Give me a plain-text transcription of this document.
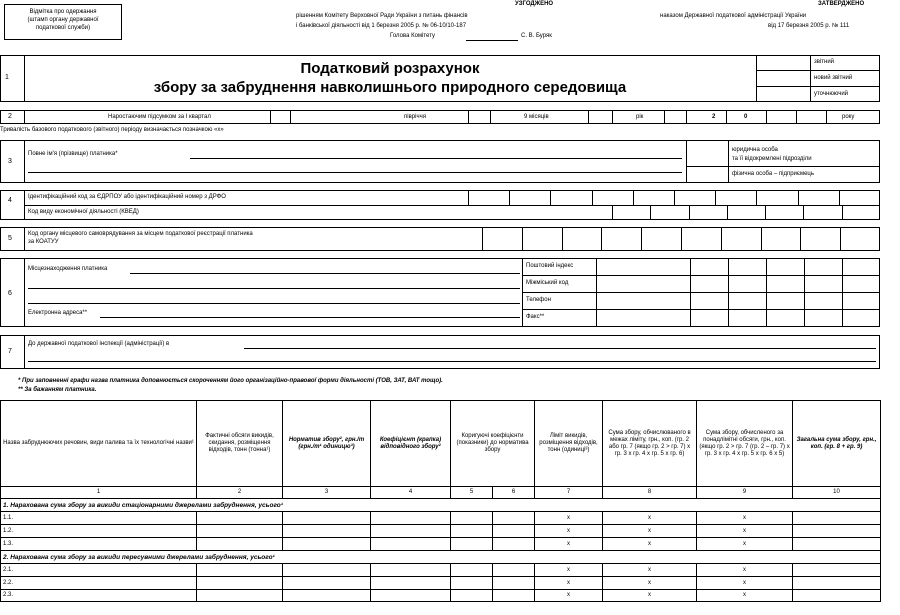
Відмітка про одержання
(штамп органу державної
податкової служби)
УЗГОДЖЕНО
рішенням Комітету Верховної Ради України з питань фінансів
і банківської діяльності від 1 березня 2005 р. № 06-10/10-187
Голова Комітету	С. В. Буряк
ЗАТВЕРДЖЕНО
наказом Державної податкової адміністрації України
від 17 березня 2005 р. № 111
1
Податковий розрахунок
збору за забруднення навколишнього природного середовища
звітний
новий звітний
уточнюючий
2	Наростаючим підсумком за I квартал	півріччя	9 місяців	рік	2	0	року
Тривалість базового податкового (звітного) періоду визначається позначкою «х»
3
Повне ім'я (прізвище) платника*
юридична особа
та її відокремлені підрозділи
фізична особа – підприємець
4	Ідентифікаційний код за ЄДРПОУ або ідентифікаційний номер з ДРФО
Код виду економічної діяльності (КВЕД)
5
Код органу місцевого самоврядування за місцем податкової реєстрації платника
за КОАТУУ
6
Місцезнаходження платника
Електронна адреса**
Поштовий індекс
Міжміський код
Телефон
Факс**
7
До державної податкової інспекції (адміністрації) в
* При заповненні графи назва платника доповнюється скороченням його організаційно-правової форми діяльності (ТОВ, ЗАТ, ВАТ тощо).
** За бажанням платника.
Назва забруднюючих речовин, види палива та їх технологічні назви¹	Фактичні обсяги викидів, скидання, розміщення відходів, тонн (тонна¹)	Норматив збору², грн./т (грн./т¹ одиницю³)	Коефіцієнт (крапка) відповідного збору²	Коригуючі коефіцієнти (показники) до норматива збору		Ліміт викидів, розміщення відходів, тонн (одиниці³)	Сума збору, обчислюваного в межах ліміту, грн., коп. (гр. 2 або гр. 7 (якщо гр. 2 > гр. 7) х гр. 3 х гр. 4 х гр. 5 х гр. 6)	Сума збору, обчисленого за понадлімітні обсяги, грн., коп. (якщо гр. 2 > гр. 7 (гр. 2 – гр. 7) х гр. 3 х гр. 4 х гр. 5 х гр. 6 х 5)	Загальна сума збору, грн., коп. (гр. 8 + гр. 9)
1	2	3	4	5	6	7	8	9	10
1. Нарахована сума збору за викиди стаціонарними джерелами забруднення, усього¹									
1.1.						х	х	х	
1.2.						х	х	х	
1.3.						х	х	х	
2. Нарахована сума збору за викиди пересувними джерелами забруднення, усього¹									
2.1.						х	х	х	
2.2.						х	х	х	
2.3.						х	х	х	
